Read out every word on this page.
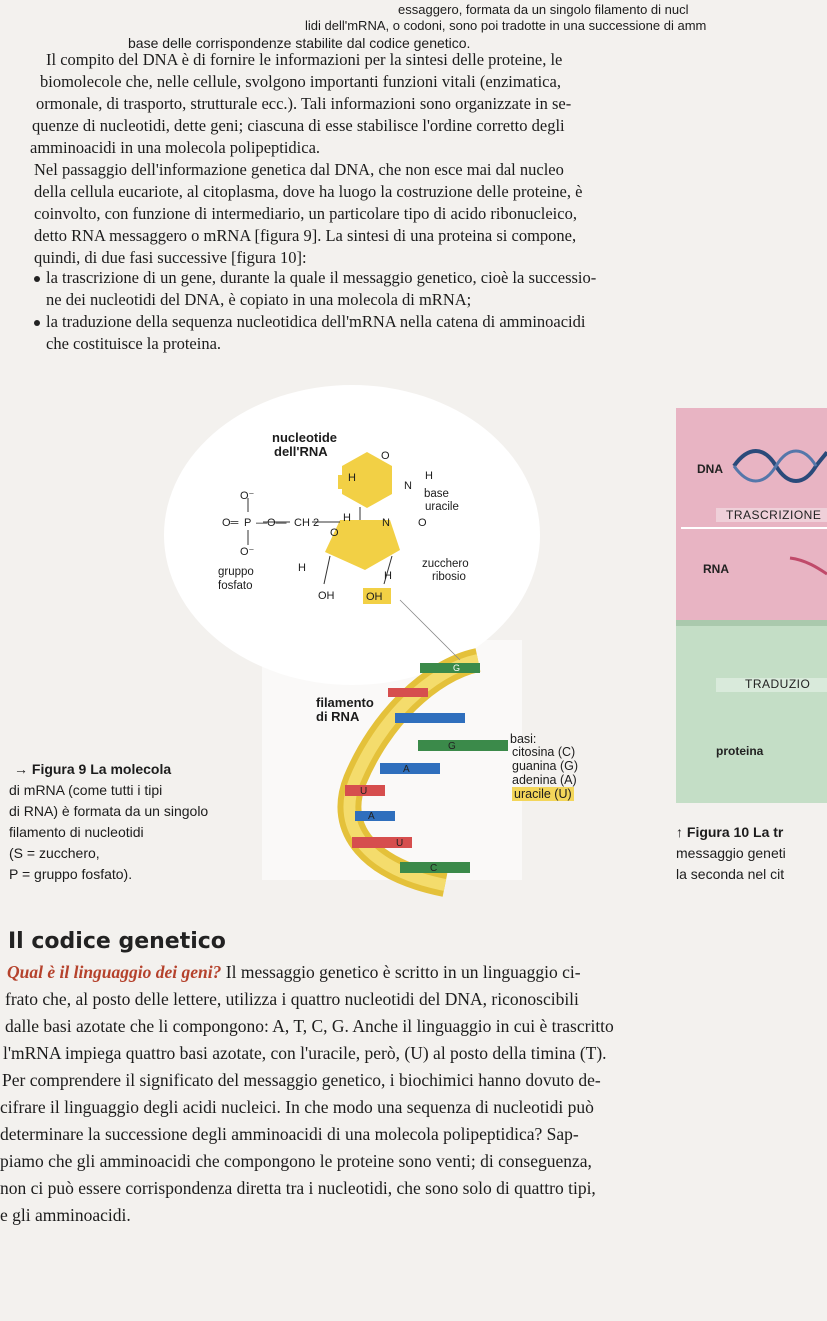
essaggero, formata da un singolo filamento di nucl
lidi dell'mRNA, o codoni, sono poi tradotte in una successione di amm
base delle corrispondenze stabilite dal codice genetico.
Il compito del DNA è di fornire le informazioni per la sintesi delle proteine, le
biomolecole che, nelle cellule, svolgono importanti funzioni vitali (enzimatica,
ormonale, di trasporto, strutturale ecc.). Tali informazioni sono organizzate in se-
quenze di nucleotidi, dette geni; ciascuna di esse stabilisce l'ordine corretto degli
amminoacidi in una molecola polipeptidica.
Nel passaggio dell'informazione genetica dal DNA, che non esce mai dal nucleo
della cellula eucariote, al citoplasma, dove ha luogo la costruzione delle proteine, è
coinvolto, con funzione di intermediario, un particolare tipo di acido ribonucleico,
detto RNA messaggero o mRNA [figura 9]. La sintesi di una proteina si compone,
quindi, di due fasi successive [figura 10]:
la trascrizione di un gene, durante la quale il messaggio genetico, cioè la successio-
ne dei nucleotidi del DNA, è copiato in una molecola di mRNA;
la traduzione della sequenza nucleotidica dell'mRNA nella catena di amminoacidi
che costituisce la proteina.
G
G
A
U
A
U
C
nucleotide
dell'RNA
H
N
H
O
base
uracile
H	N	O
O⁻
O═ P —O— CH 2
O
O⁻
H
H
zucchero
ribosio
gruppo
fosfato
OH	OH
filamento
di RNA
basi:
citosina (C)
guanina (G)
adenina (A)
uracile (U)
→ Figura 9 La molecola
di mRNA (come tutti i tipi
di RNA) è formata da un singolo
filamento di nucleotidi
(S = zucchero,
P = gruppo fosfato).
DNA
TRASCRIZIONE
RNA
TRADUZIO
proteina
↑ Figura 10 La tr
messaggio geneti
la seconda nel cit
Il codice genetico
Qual è il linguaggio dei geni? Il messaggio genetico è scritto in un linguaggio ci-
frato che, al posto delle lettere, utilizza i quattro nucleotidi del DNA, riconoscibili
dalle basi azotate che li compongono: A, T, C, G. Anche il linguaggio in cui è trascritto
l'mRNA impiega quattro basi azotate, con l'uracile, però, (U) al posto della timina (T).
Per comprendere il significato del messaggio genetico, i biochimici hanno dovuto de-
cifrare il linguaggio degli acidi nucleici. In che modo una sequenza di nucleotidi può
determinare la successione degli amminoacidi di una molecola polipeptidica? Sap-
piamo che gli amminoacidi che compongono le proteine sono venti; di conseguenza,
non ci può essere corrispondenza diretta tra i nucleotidi, che sono solo di quattro tipi,
e gli amminoacidi.
